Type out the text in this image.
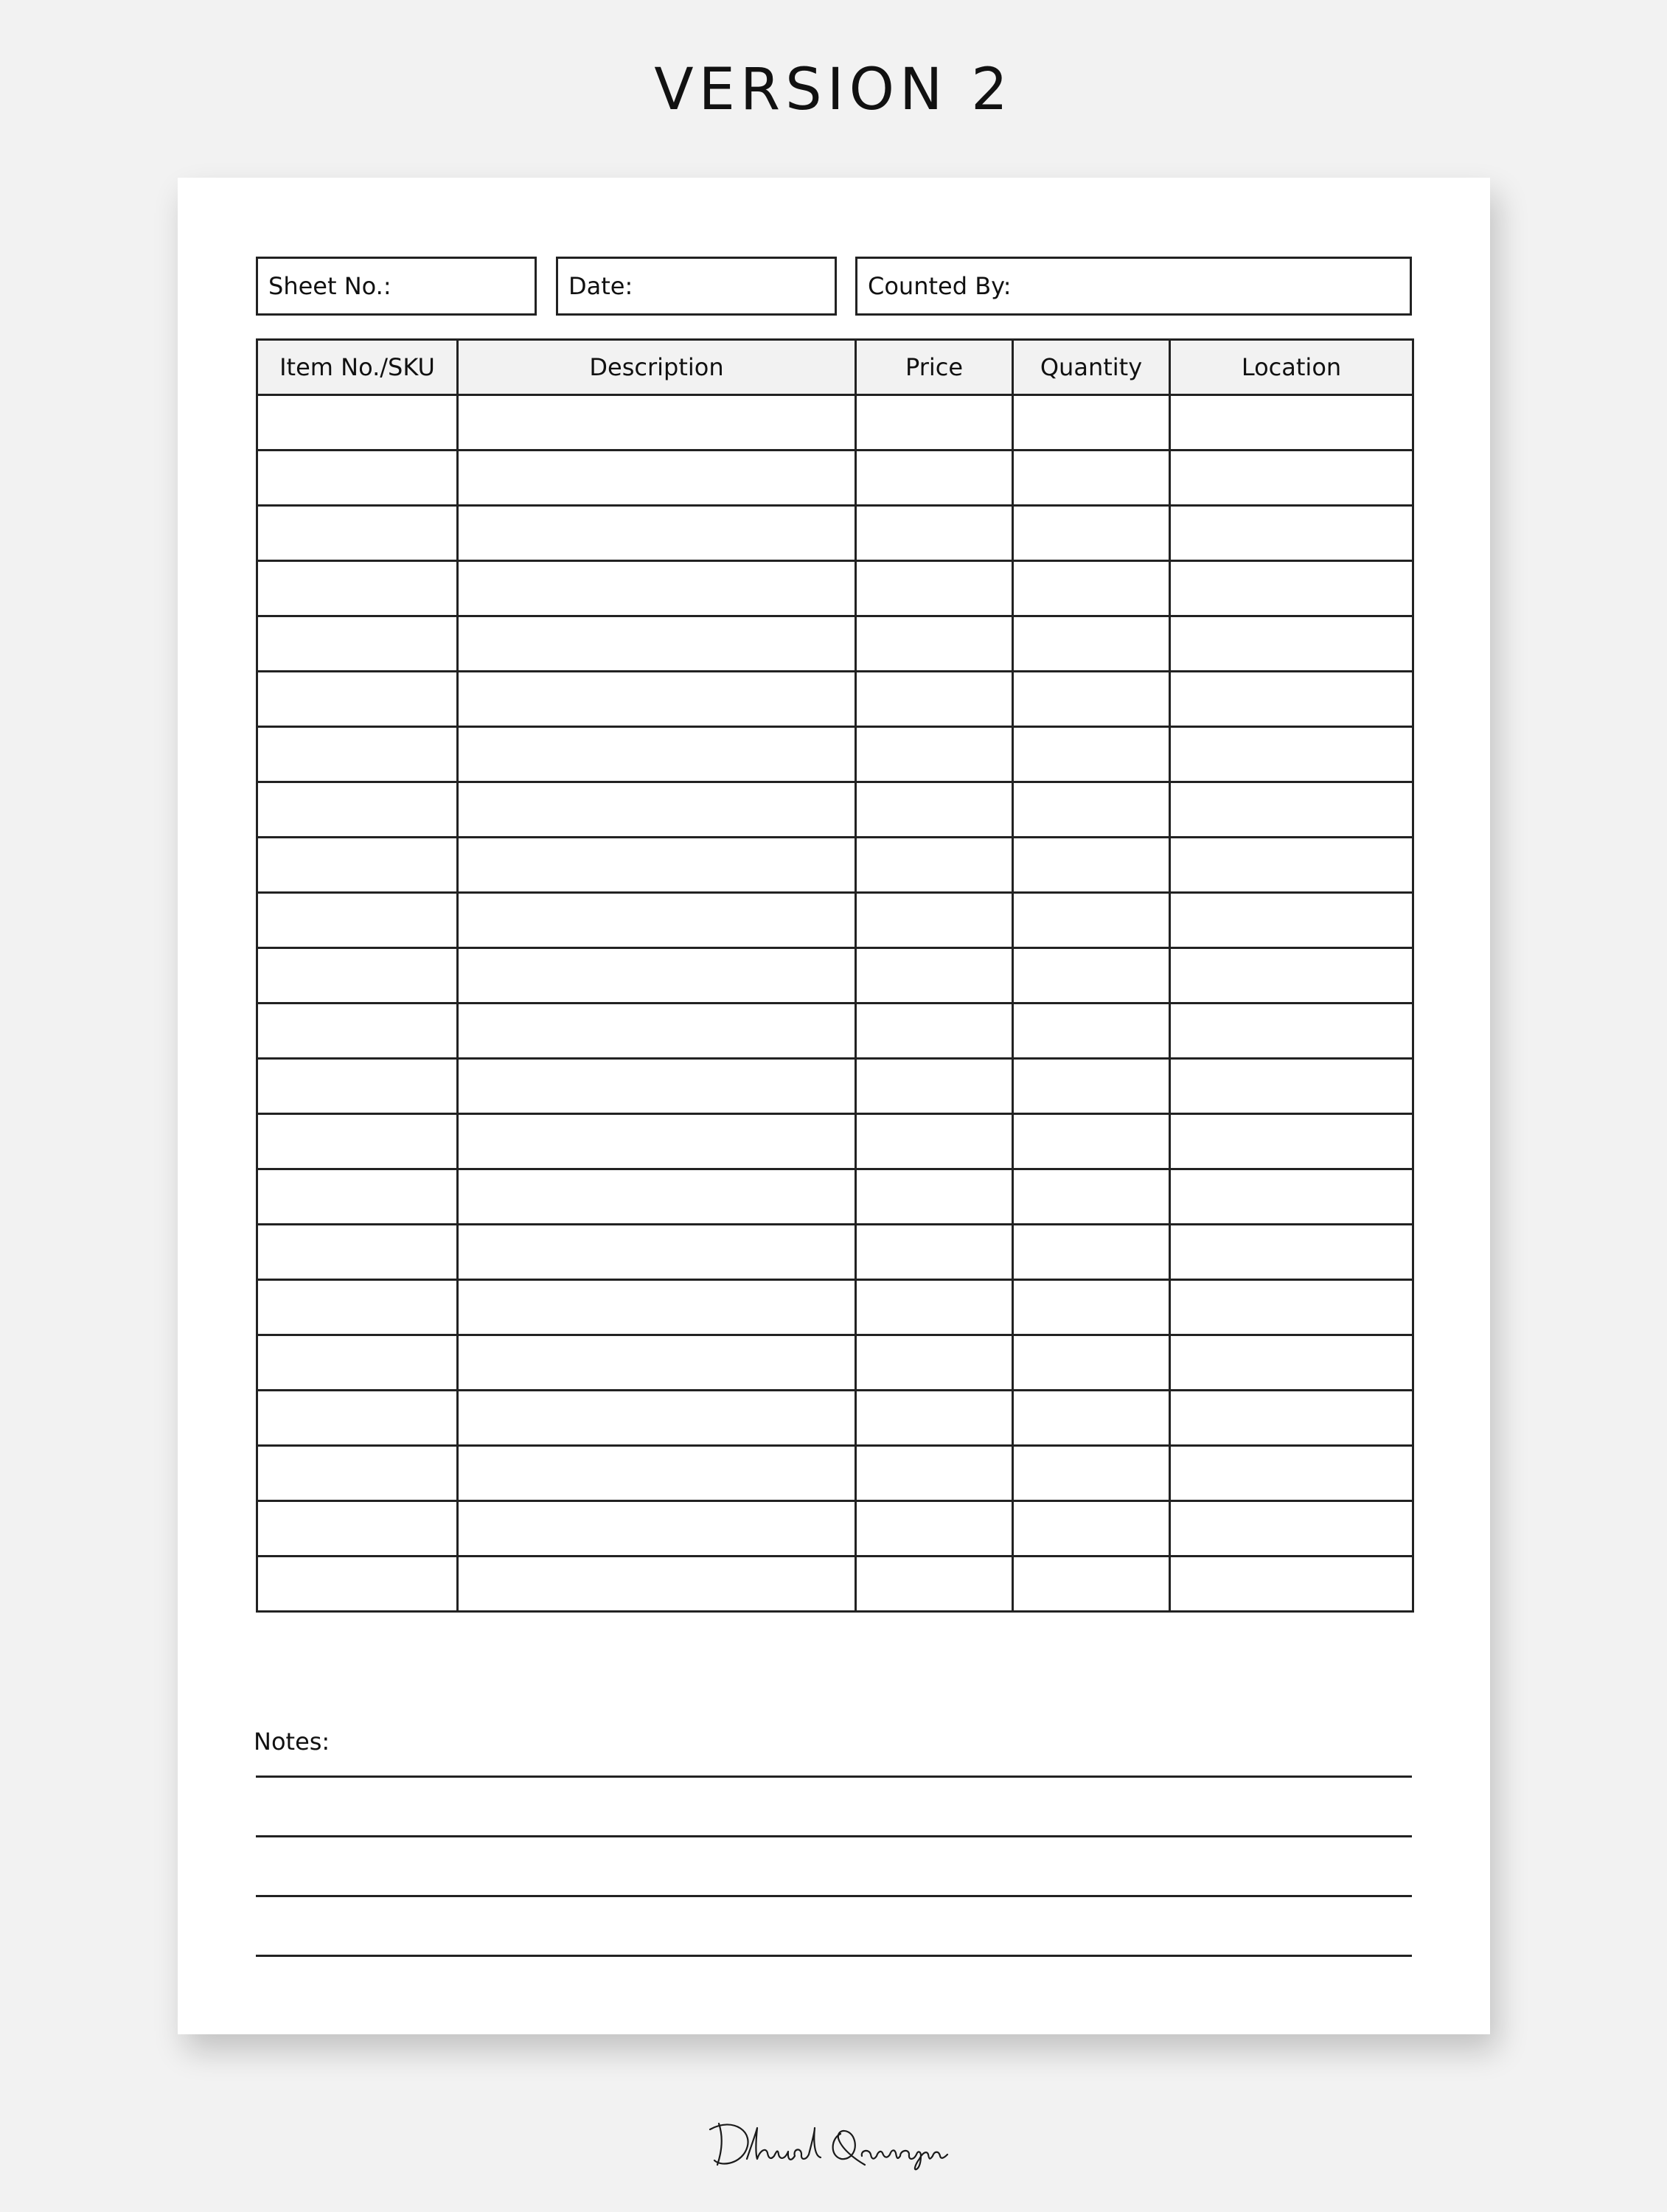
VERSION 2
Sheet No.:	Date:	Counted By:
Item No./SKU	Description	Price	Quantity	Location

Notes:
